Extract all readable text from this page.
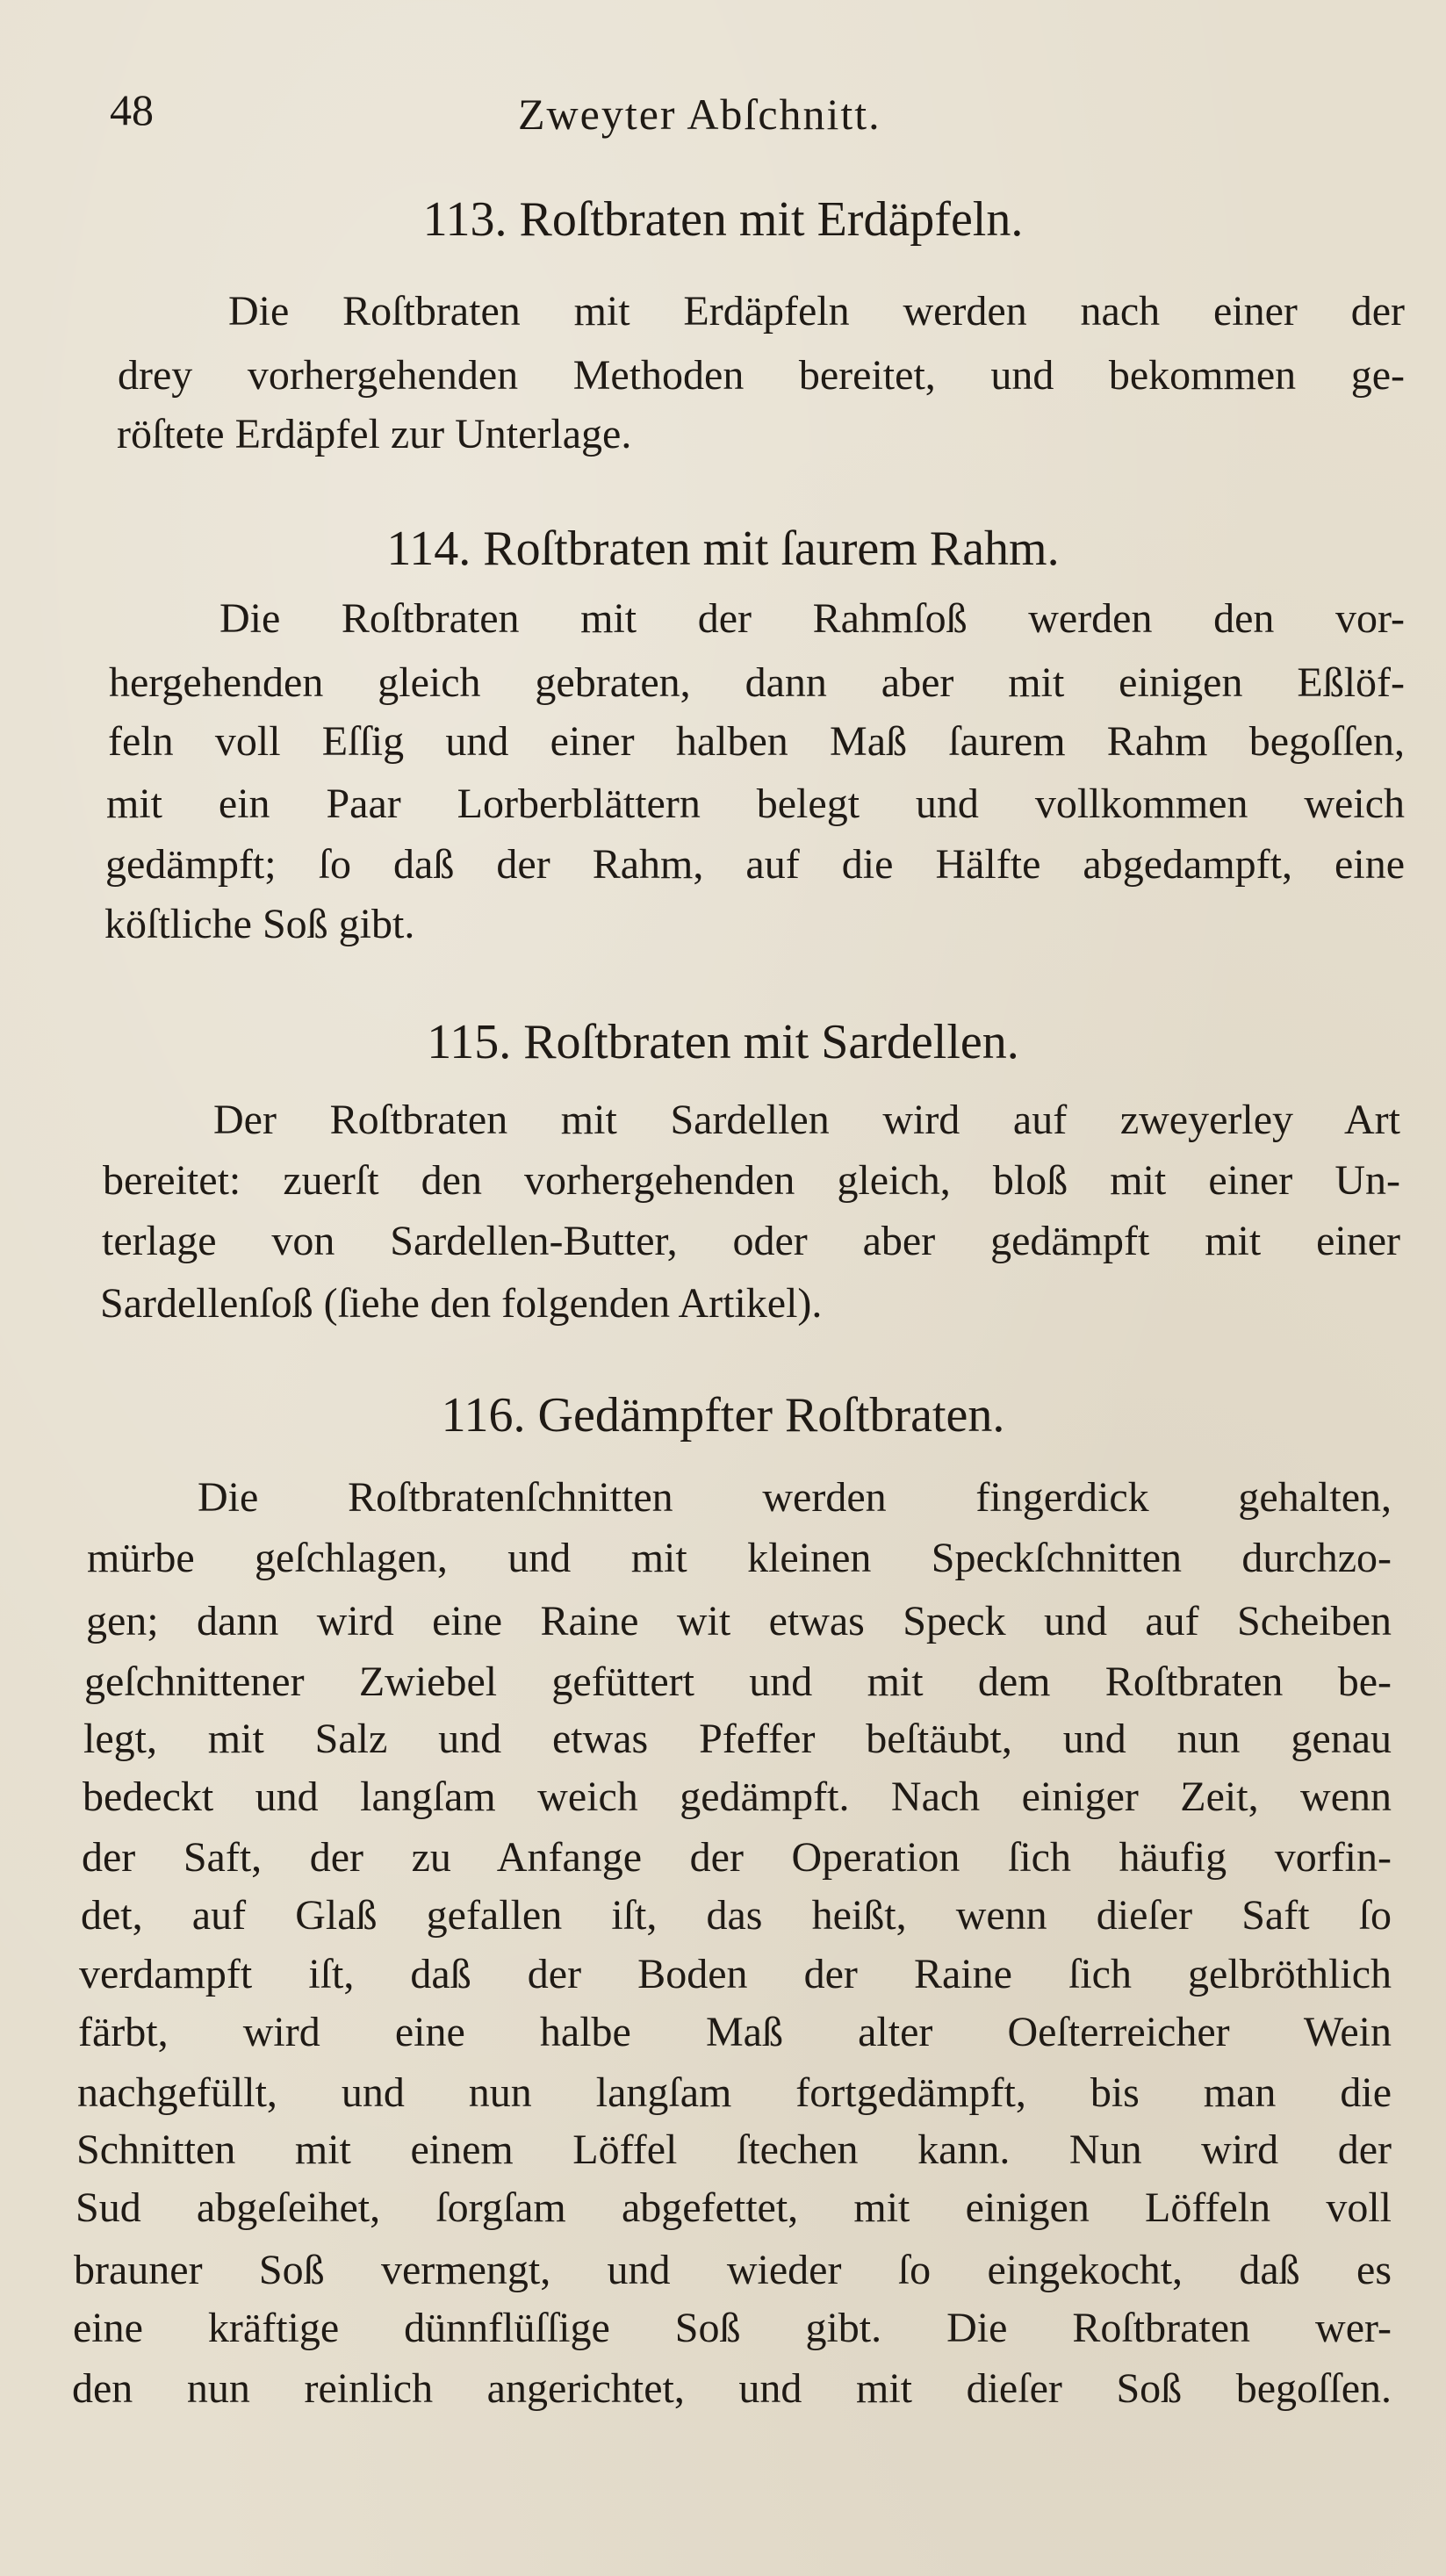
48	Zweyter Abſchnitt.
113. Roſtbraten mit Erdäpfeln.
Die Roſtbraten mit Erdäpfeln werden nach einer der
drey vorhergehenden Methoden bereitet, und bekommen ge-
röſtete Erdäpfel zur Unterlage.
114. Roſtbraten mit ſaurem Rahm.
Die Roſtbraten mit der Rahmſoß werden den vor-
hergehenden gleich gebraten, dann aber mit einigen Eßlöf-
feln voll Eſſig und einer halben Maß ſaurem Rahm begoſſen,
mit ein Paar Lorberblättern belegt und vollkommen weich
gedämpft; ſo daß der Rahm, auf die Hälfte abgedampft, eine
köſtliche Soß gibt.
115. Roſtbraten mit Sardellen.
Der Roſtbraten mit Sardellen wird auf zweyerley Art
bereitet: zuerſt den vorhergehenden gleich, bloß mit einer Un-
terlage von Sardellen-Butter, oder aber gedämpft mit einer
Sardellenſoß (ſiehe den folgenden Artikel).
116. Gedämpfter Roſtbraten.
Die Roſtbratenſchnitten werden fingerdick gehalten,
mürbe geſchlagen, und mit kleinen Speckſchnitten durchzo-
gen; dann wird eine Raine wit etwas Speck und auf Scheiben
geſchnittener Zwiebel gefüttert und mit dem Roſtbraten be-
legt, mit Salz und etwas Pfeffer beſtäubt, und nun genau
bedeckt und langſam weich gedämpft. Nach einiger Zeit, wenn
der Saft, der zu Anfange der Operation ſich häufig vorfin-
det, auf Glaß gefallen iſt, das heißt, wenn dieſer Saft ſo
verdampft iſt, daß der Boden der Raine ſich gelbröthlich
färbt, wird eine halbe Maß alter Oeſterreicher Wein
nachgefüllt, und nun langſam fortgedämpft, bis man die
Schnitten mit einem Löffel ſtechen kann. Nun wird der
Sud abgeſeihet, ſorgſam abgefettet, mit einigen Löffeln voll
brauner Soß vermengt, und wieder ſo eingekocht, daß es
eine kräftige dünnflüſſige Soß gibt. Die Roſtbraten wer-
den nun reinlich angerichtet, und mit dieſer Soß begoſſen.
